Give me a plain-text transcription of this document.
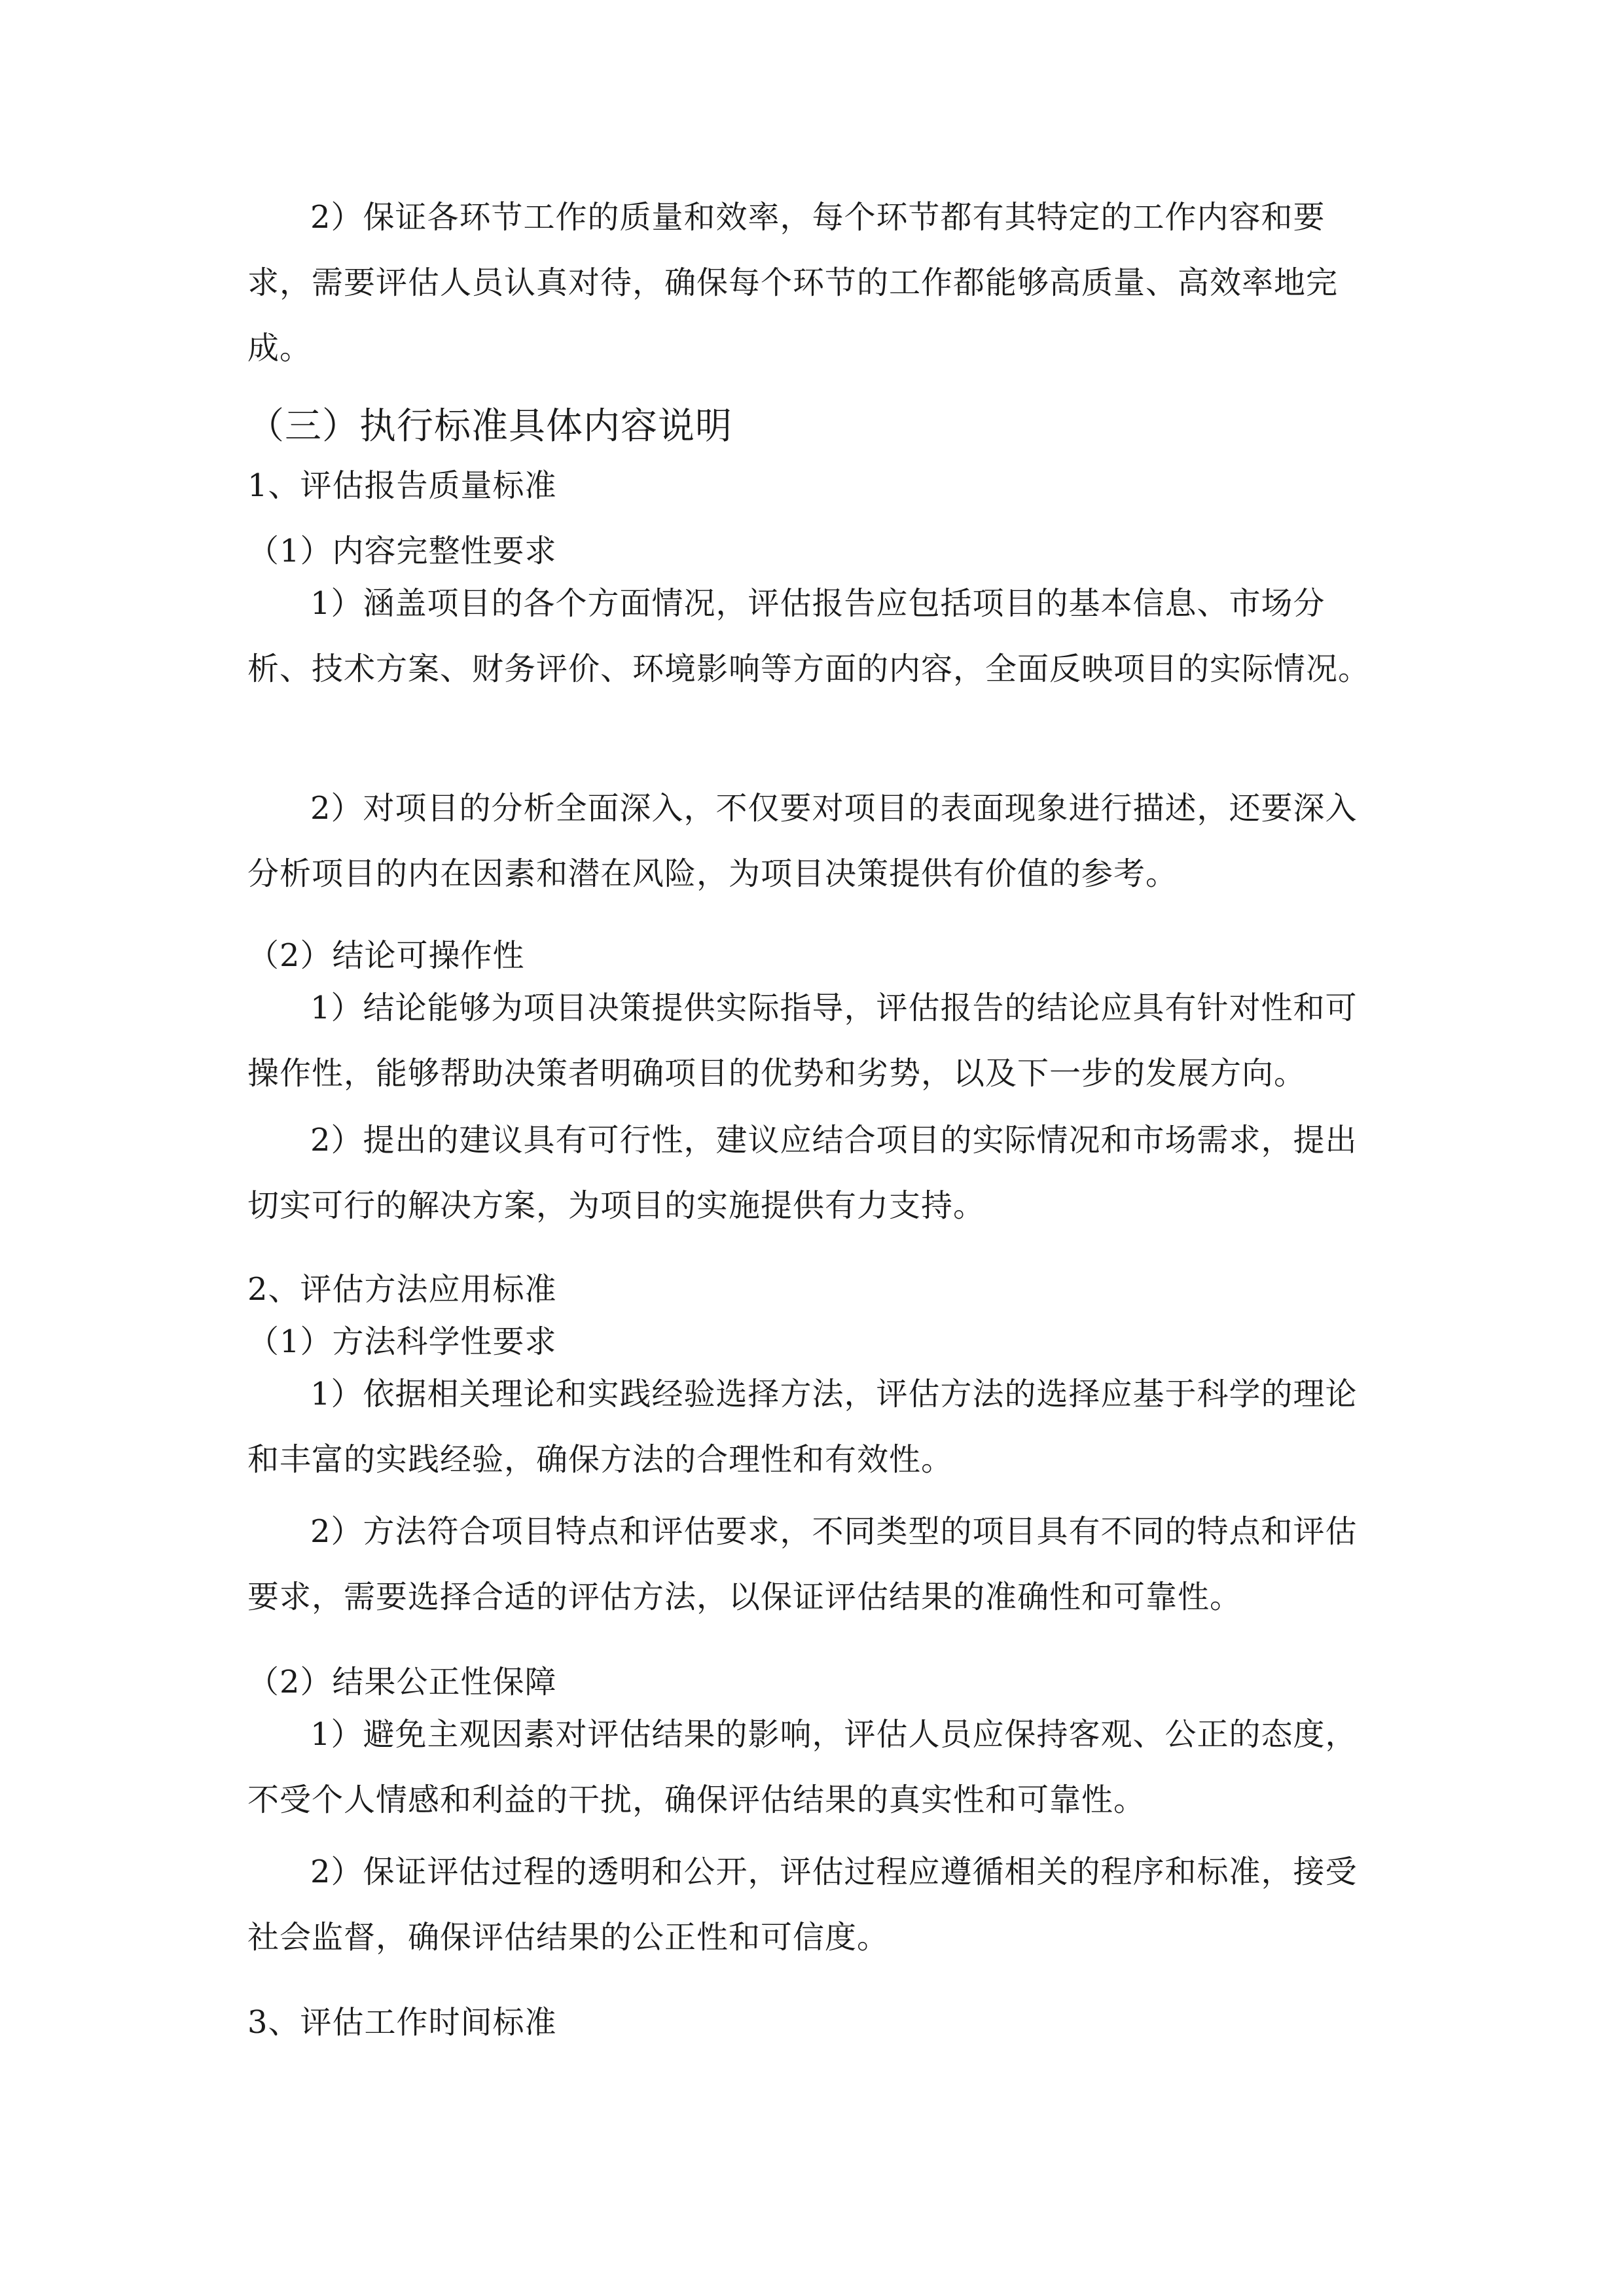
2）保证各环节工作的质量和效率，每个环节都有其特定的工作内容和要求，需要评估人员认真对待，确保每个环节的工作都能够高质量、高效率地完成。

（三）执行标准具体内容说明
1、评估报告质量标准
（1）内容完整性要求

1）涵盖项目的各个方面情况，评估报告应包括项目的基本信息、市场分析、技术方案、财务评价、环境影响等方面的内容，全面反映项目的实际情况。

2）对项目的分析全面深入，不仅要对项目的表面现象进行描述，还要深入分析项目的内在因素和潜在风险，为项目决策提供有价值的参考。

（2）结论可操作性

1）结论能够为项目决策提供实际指导，评估报告的结论应具有针对性和可操作性，能够帮助决策者明确项目的优势和劣势，以及下一步的发展方向。

2）提出的建议具有可行性，建议应结合项目的实际情况和市场需求，提出切实可行的解决方案，为项目的实施提供有力支持。

2、评估方法应用标准
（1）方法科学性要求

1）依据相关理论和实践经验选择方法，评估方法的选择应基于科学的理论和丰富的实践经验，确保方法的合理性和有效性。

2）方法符合项目特点和评估要求，不同类型的项目具有不同的特点和评估要求，需要选择合适的评估方法，以保证评估结果的准确性和可靠性。

（2）结果公正性保障

1）避免主观因素对评估结果的影响，评估人员应保持客观、公正的态度，不受个人情感和利益的干扰，确保评估结果的真实性和可靠性。

2）保证评估过程的透明和公开，评估过程应遵循相关的程序和标准，接受社会监督，确保评估结果的公正性和可信度。

3、评估工作时间标准
